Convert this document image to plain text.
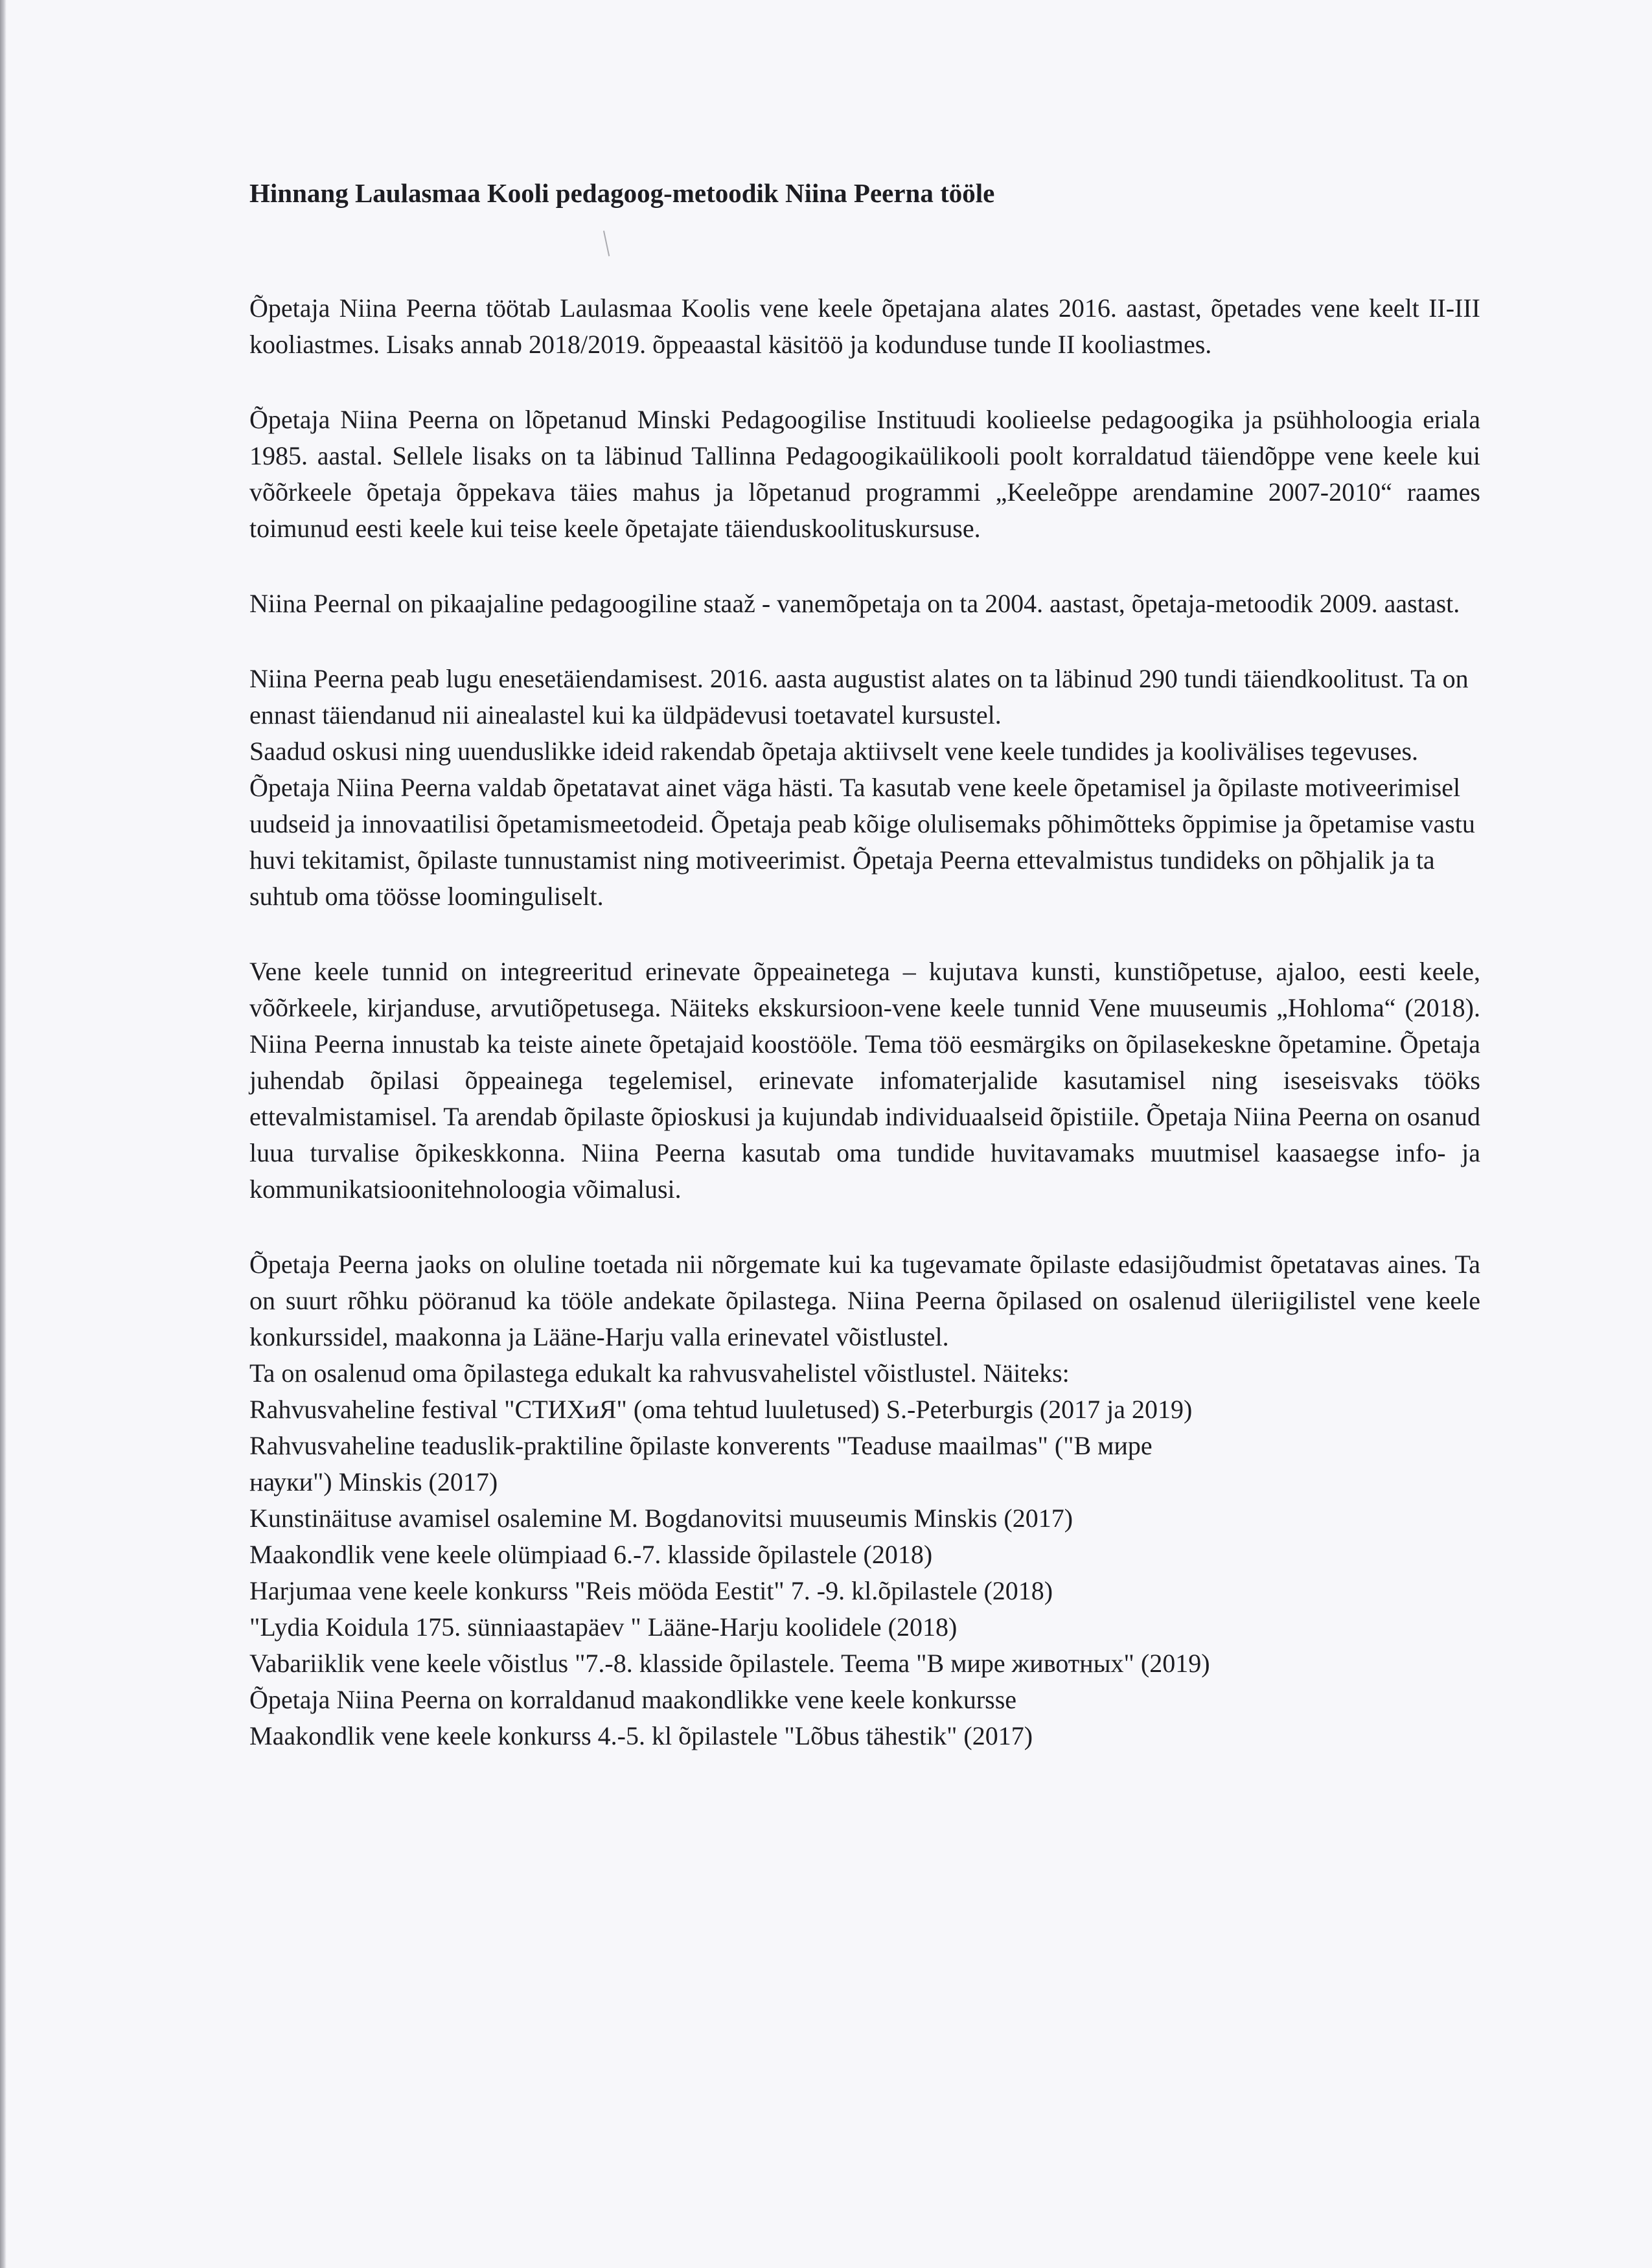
Hinnang Laulasmaa Kooli pedagoog-metoodik Niina Peerna tööle

Õpetaja Niina Peerna töötab Laulasmaa Koolis vene keele õpetajana alates 2016. aastast, õpetades vene keelt II-III kooliastmes. Lisaks annab 2018/2019. õppeaastal käsitöö ja kodunduse tunde II kooliastmes.

Õpetaja Niina Peerna on lõpetanud Minski Pedagoogilise Instituudi koolieelse pedagoogika ja psühholoogia eriala 1985. aastal. Sellele lisaks on ta läbinud Tallinna Pedagoogikaülikooli poolt korraldatud täiendõppe vene keele kui võõrkeele õpetaja õppekava täies mahus ja lõpetanud programmi „Keeleõppe arendamine 2007-2010“ raames toimunud eesti keele kui teise keele õpetajate täienduskoolituskursuse.

Niina Peernal on pikaajaline pedagoogiline staaž - vanemõpetaja on ta 2004. aastast, õpetaja-metoodik 2009. aastast.

Niina Peerna peab lugu enesetäiendamisest. 2016. aasta augustist alates on ta läbinud 290 tundi täiendkoolitust. Ta on ennast täiendanud nii ainealastel kui ka üldpädevusi toetavatel kursustel.

Saadud oskusi ning uuenduslikke ideid rakendab õpetaja aktiivselt vene keele tundides ja koolivälises tegevuses. Õpetaja Niina Peerna valdab õpetatavat ainet väga hästi. Ta kasutab vene keele õpetamisel ja õpilaste motiveerimisel uudseid ja innovaatilisi õpetamismeetodeid. Õpetaja peab kõige olulisemaks põhimõtteks õppimise ja õpetamise vastu huvi tekitamist, õpilaste tunnustamist ning motiveerimist. Õpetaja Peerna ettevalmistus tundideks on põhjalik ja ta suhtub oma töösse loominguliselt.

Vene keele tunnid on integreeritud erinevate õppeainetega – kujutava kunsti, kunstiõpetuse, ajaloo, eesti keele, võõrkeele, kirjanduse, arvutiõpetusega. Näiteks ekskursioon-vene keele tunnid Vene muuseumis „Hohloma“ (2018). Niina Peerna innustab ka teiste ainete õpetajaid koostööle. Tema töö eesmärgiks on õpilasekeskne õpetamine. Õpetaja juhendab õpilasi õppeainega tegelemisel, erinevate infomaterjalide kasutamisel ning iseseisvaks tööks ettevalmistamisel. Ta arendab õpilaste õpioskusi ja kujundab individuaalseid õpistiile. Õpetaja Niina Peerna on osanud luua turvalise õpikeskkonna. Niina Peerna kasutab oma tundide huvitavamaks muutmisel kaasaegse info- ja kommunikatsioonitehnoloogia võimalusi.

Õpetaja Peerna jaoks on oluline toetada nii nõrgemate kui ka tugevamate õpilaste edasijõudmist õpetatavas aines. Ta on suurt rõhku pööranud ka tööle andekate õpilastega. Niina Peerna õpilased on osalenud üleriigilistel vene keele konkurssidel, maakonna ja Lääne-Harju valla erinevatel võistlustel.

Ta on osalenud oma õpilastega edukalt ka rahvusvahelistel võistlustel. Näiteks:
Rahvusvaheline festival "СТИХиЯ" (oma tehtud luuletused) S.-Peterburgis (2017 ja 2019)
Rahvusvaheline teaduslik-praktiline õpilaste konverents "Teaduse maailmas" ("В мире
науки") Minskis (2017)
Kunstinäituse avamisel osalemine M. Bogdanovitsi muuseumis Minskis (2017)
Maakondlik vene keele olümpiaad 6.-7. klasside õpilastele (2018)
Harjumaa vene keele konkurss "Reis mööda Eestit" 7. -9. kl.õpilastele (2018)
"Lydia Koidula 175. sünniaastapäev " Lääne-Harju koolidele (2018)
Vabariiklik vene keele võistlus "7.-8. klasside õpilastele. Teema "В мире животных" (2019)
Õpetaja Niina Peerna on korraldanud maakondlikke vene keele konkursse
Maakondlik vene keele konkurss 4.-5. kl õpilastele "Lõbus tähestik" (2017)
